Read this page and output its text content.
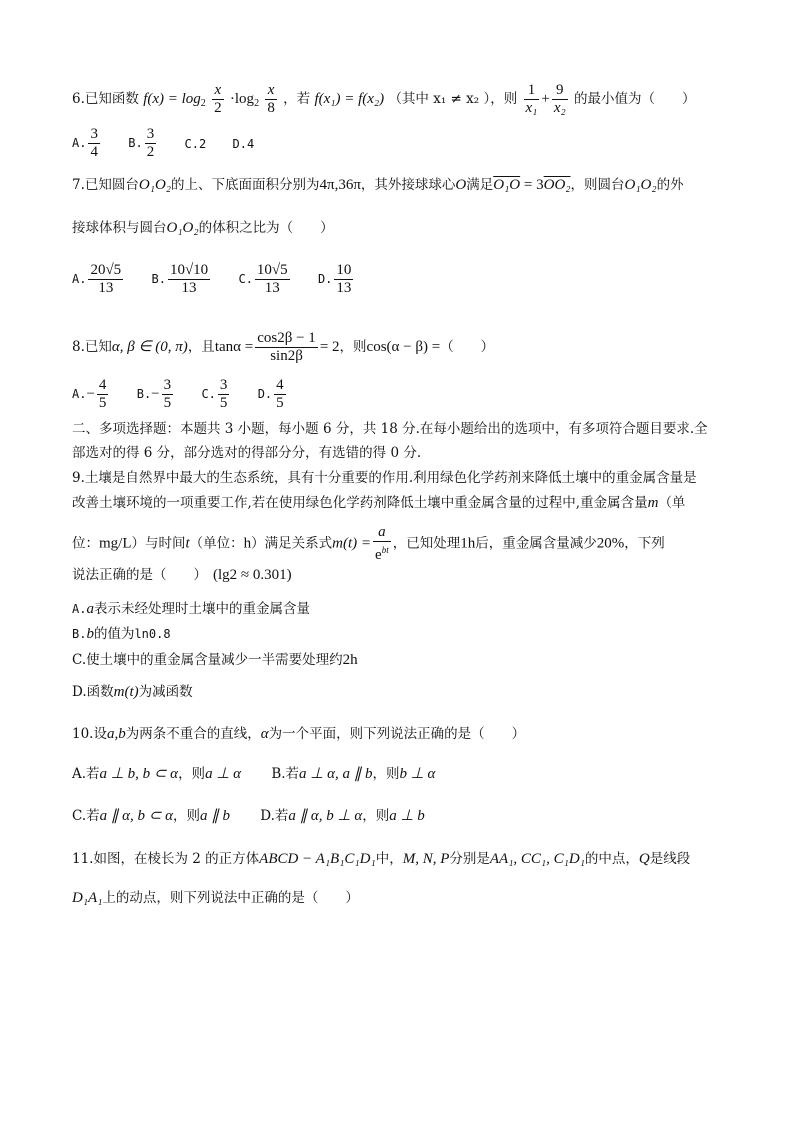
6.已知函数 $f(x) = \log_2 \frac{x}{2} \cdot\log_2 \frac{x}{8}$ ，若 f(x₁) = f(x₂) （其中 x₁ ≠ x₂ ），则 $\frac{1}{\text{x₁}} + \frac{9}{\text{x₂}}$ 的最小值为（　　）
A. $\frac{3}{4} B$. $\frac{3}{2} C.2$ D.4
7.已知圆台O₁O₂的上、下底面面积分别为4π,36π，其外接球球心O满足O₁O = 3OO₂，则圆台O₁O₂的外
接球体积与圆台O₁O₂的体积之比为（　　）
A. $\frac{20√5}{13} B$. $\frac{10√10}{13} C$. $\frac{10√5}{13} D$. $\frac{10}{13}$
8.已知α, β ∈ (0, π)，且$\tan\alpha = \frac{\cos 2\beta - 1}{\sin 2\beta} = 2$，则cos(α − β) =（　　）
$A.- \frac{4}{5} B.- \frac{3}{5} C$. $\frac{3}{5} D$. $\frac{4}{5}$
二、多项选择题：本题共 3 小题，每小题 6 分，共 18 分.在每小题给出的选项中，有多项符合题目要求.全
部选对的得 6 分，部分选对的得部分分，有选错的得 0 分.
9.土壤是自然界中最大的生态系统，具有十分重要的作用.利用绿色化学药剂来降低土壤中的重金属含量是
改善土壤环境的一项重要工作,若在使用绿色化学药剂降低土壤中重金属含量的过程中,重金属含量m（单
位：mg/L）与时间t（单位：h）满足关系式$m(t) = \frac{a}{e^{bt}}$ ，已知处理1h后，重金属含量减少20%，下列
说法正确的是（　　） (lg2 ≈ 0.301)
A.a表示未经处理时土壤中的重金属含量
B.b的值为ln0.8
C.使土壤中的重金属含量减少一半需要处理约2h
D.函数m(t)为减函数
10.设a,b为两条不重合的直线，α为一个平面，则下列说法正确的是（　　）
A.若a ⊥ b, b ⊂ α，则a ⊥ α B.若a ⊥ α, a ∥ b，则b ⊥ α
C.若a ∥ α, b ⊂ α，则a ∥ b D.若a ∥ α, b ⊥ α，则a ⊥ b
11.如图，在棱长为 2 的正方体ABCD − A₁B₁C₁D₁中，M, N, P分别是AA₁, CC₁, C₁D₁的中点，Q是线段
D₁A₁上的动点，则下列说法中正确的是（　　）
